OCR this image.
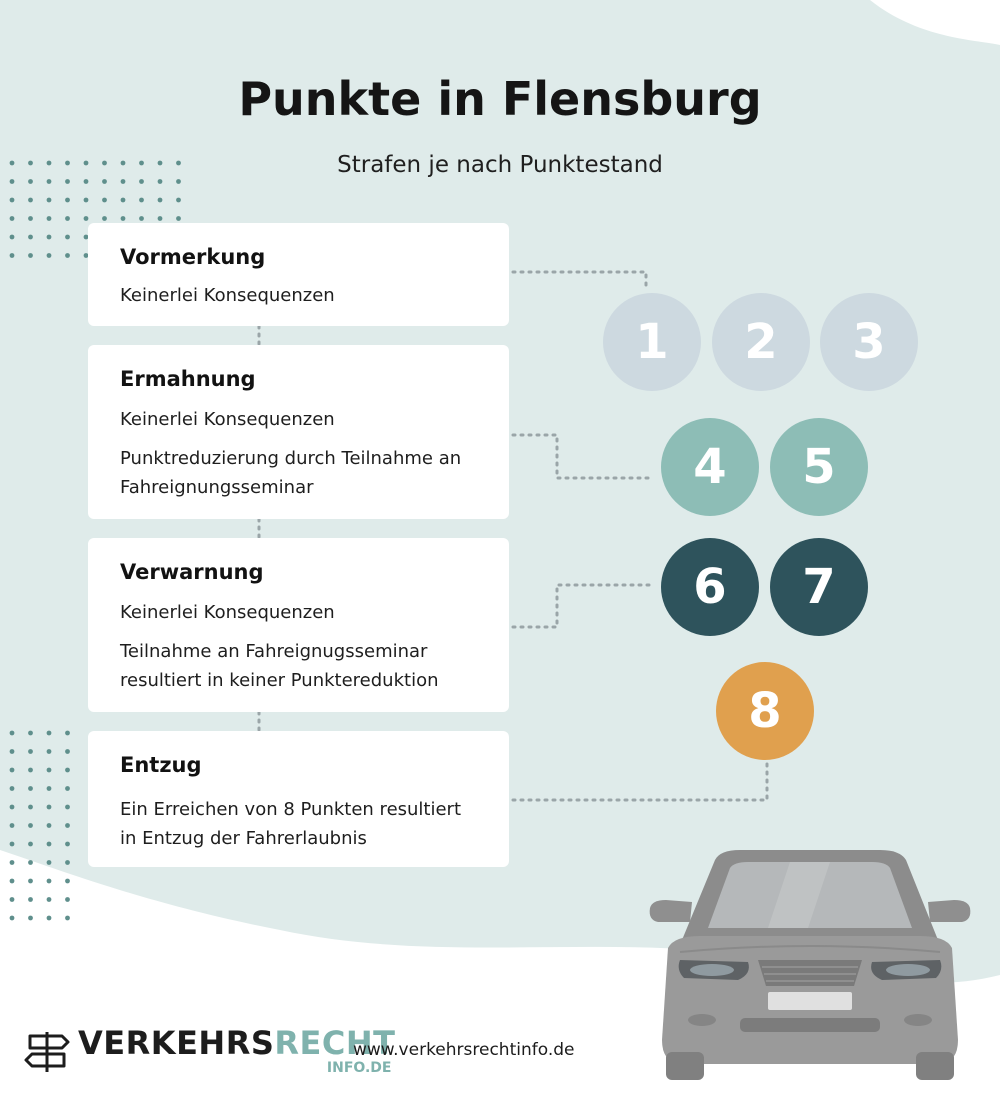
Punkte in Flensburg
Strafen je nach Punktestand
Vormerkung

Keinerlei Konsequenzen

Ermahnung

Keinerlei Konsequenzen

Punktreduzierung durch Teilnahme an Fahreignungsseminar

Verwarnung

Keinerlei Konsequenzen

Teilnahme an Fahreignugsseminar resultiert in keiner Punktereduktion

Entzug

Ein Erreichen von 8 Punkten resultiert in Entzug der Fahrerlaubnis

1	2	3
4	5
6	7
8
VERKEHRSRECHT
INFO.DE
www.verkehrsrechtinfo.de
